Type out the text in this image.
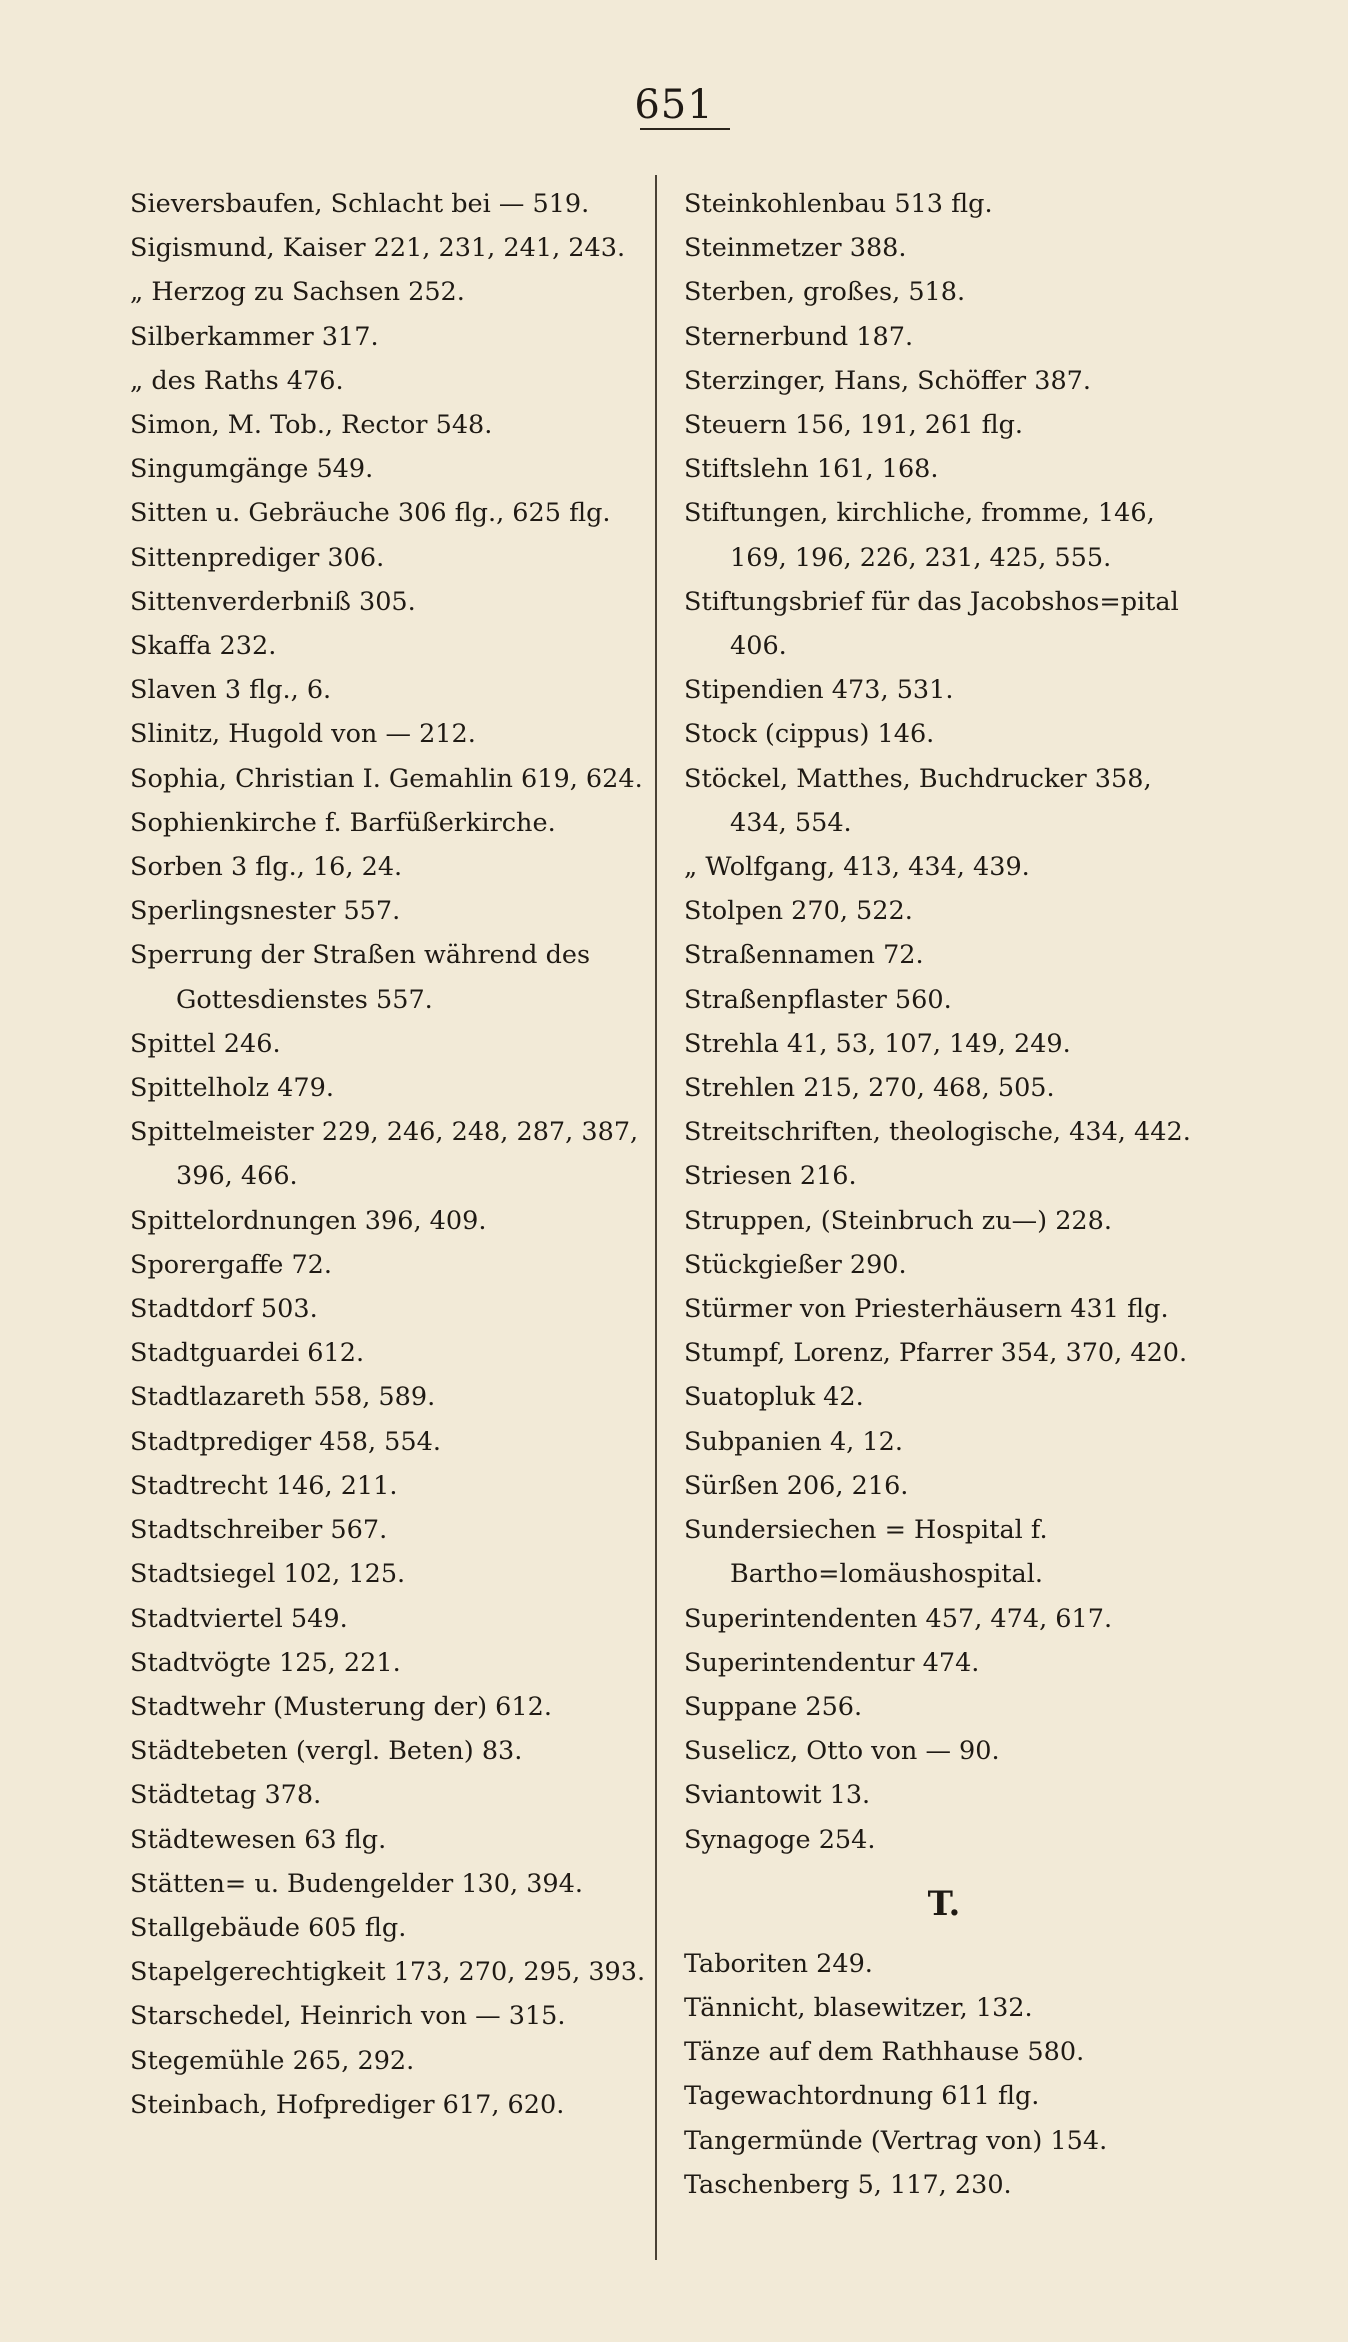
651
Sieversbaufen, Schlacht bei — 519.
Sigismund, Kaiser 221, 231, 241, 243.
„ Herzog zu Sachsen 252.
Silberkammer 317.
„ des Raths 476.
Simon, M. Tob., Rector 548.
Singumgänge 549.
Sitten u. Gebräuche 306 flg., 625 flg.
Sittenprediger 306.
Sittenverderbniß 305.
Skaffa 232.
Slaven 3 flg., 6.
Slinitz, Hugold von — 212.
Sophia, Christian I. Gemahlin 619, 624.
Sophienkirche f. Barfüßerkirche.
Sorben 3 flg., 16, 24.
Sperlingsnester 557.
Sperrung der Straßen während des Gottesdienstes 557.
Spittel 246.
Spittelholz 479.
Spittelmeister 229, 246, 248, 287, 387, 396, 466.
Spittelordnungen 396, 409.
Sporergaffe 72.
Stadtdorf 503.
Stadtguardei 612.
Stadtlazareth 558, 589.
Stadtprediger 458, 554.
Stadtrecht 146, 211.
Stadtschreiber 567.
Stadtsiegel 102, 125.
Stadtviertel 549.
Stadtvögte 125, 221.
Stadtwehr (Musterung der) 612.
Städtebeten (vergl. Beten) 83.
Städtetag 378.
Städtewesen 63 flg.
Stätten= u. Budengelder 130, 394.
Stallgebäude 605 flg.
Stapelgerechtigkeit 173, 270, 295, 393.
Starschedel, Heinrich von — 315.
Stegemühle 265, 292.
Steinbach, Hofprediger 617, 620.
Steinkohlenbau 513 flg.
Steinmetzer 388.
Sterben, großes, 518.
Sternerbund 187.
Sterzinger, Hans, Schöffer 387.
Steuern 156, 191, 261 flg.
Stiftslehn 161, 168.
Stiftungen, kirchliche, fromme, 146, 169, 196, 226, 231, 425, 555.
Stiftungsbrief für das Jacobshos=pital 406.
Stipendien 473, 531.
Stock (cippus) 146.
Stöckel, Matthes, Buchdrucker 358, 434, 554.
„ Wolfgang, 413, 434, 439.
Stolpen 270, 522.
Straßennamen 72.
Straßenpflaster 560.
Strehla 41, 53, 107, 149, 249.
Strehlen 215, 270, 468, 505.
Streitschriften, theologische, 434, 442.
Striesen 216.
Struppen, (Steinbruch zu—) 228.
Stückgießer 290.
Stürmer von Priesterhäusern 431 flg.
Stumpf, Lorenz, Pfarrer 354, 370, 420.
Suatopluk 42.
Subpanien 4, 12.
Sürßen 206, 216.
Sundersiechen = Hospital f. Bartho=lomäushospital.
Superintendenten 457, 474, 617.
Superintendentur 474.
Suppane 256.
Suselicz, Otto von — 90.
Sviantowit 13.
Synagoge 254.
T.
Taboriten 249.
Tännicht, blasewitzer, 132.
Tänze auf dem Rathhause 580.
Tagewachtordnung 611 flg.
Tangermünde (Vertrag von) 154.
Taschenberg 5, 117, 230.
